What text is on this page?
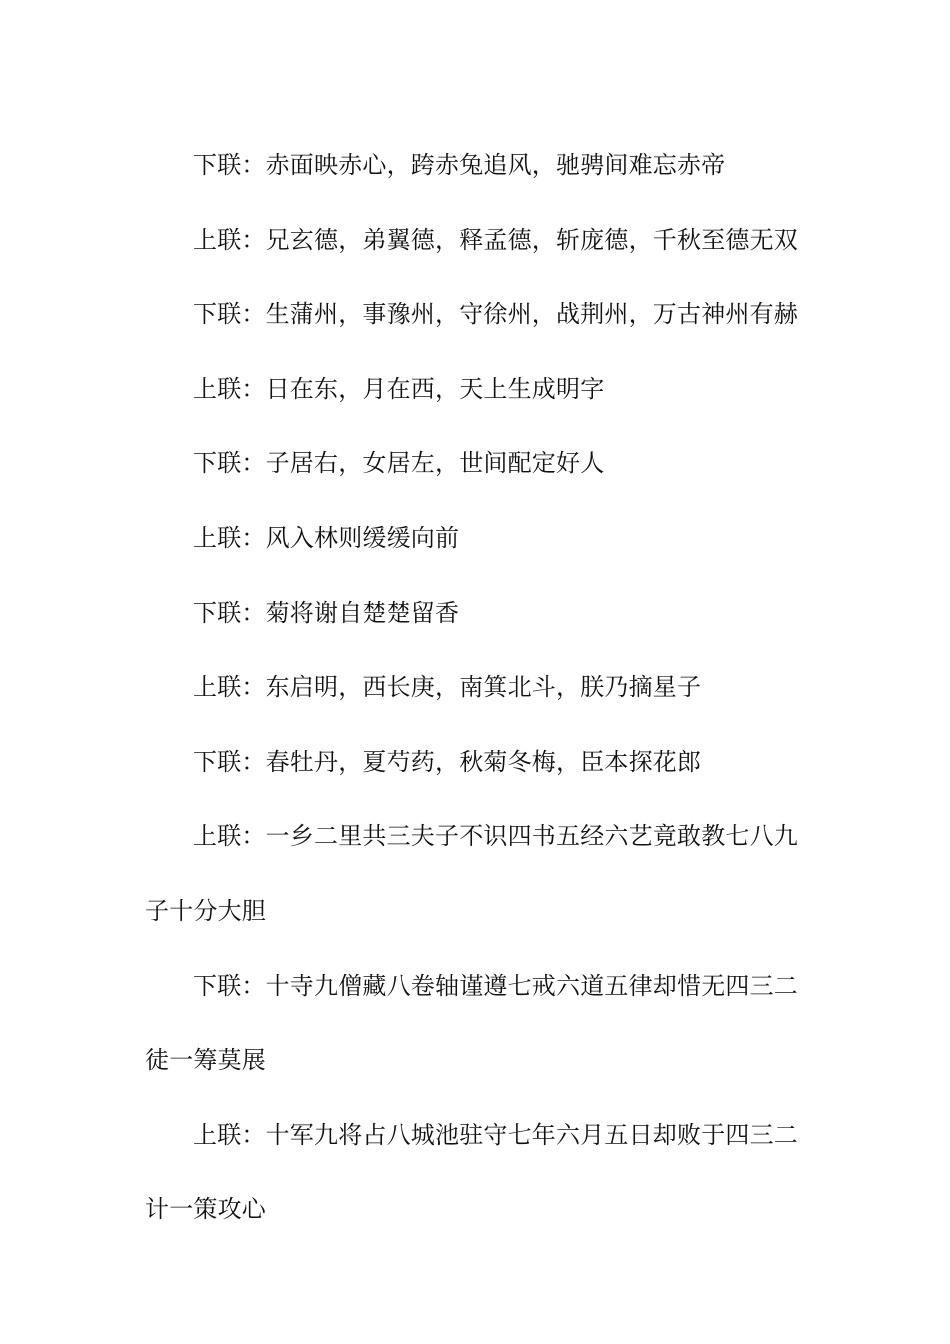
下联：赤面映赤心，跨赤兔追风，驰骋间难忘赤帝

上联：兄玄德，弟翼德，释孟德，斩庞德，千秋至德无双

下联：生蒲州，事豫州，守徐州，战荆州，万古神州有赫

上联：日在东，月在西，天上生成明字

下联：子居右，女居左，世间配定好人

上联：风入林则缓缓向前

下联：菊将谢自楚楚留香

上联：东启明，西长庚，南箕北斗，朕乃摘星子

下联：春牡丹，夏芍药，秋菊冬梅，臣本探花郎

上联：一乡二里共三夫子不识四书五经六艺竟敢教七八九子十分大胆

下联：十寺九僧藏八卷轴谨遵七戒六道五律却惜无四三二徒一筹莫展

上联：十军九将占八城池驻守七年六月五日却败于四三二计一策攻心
